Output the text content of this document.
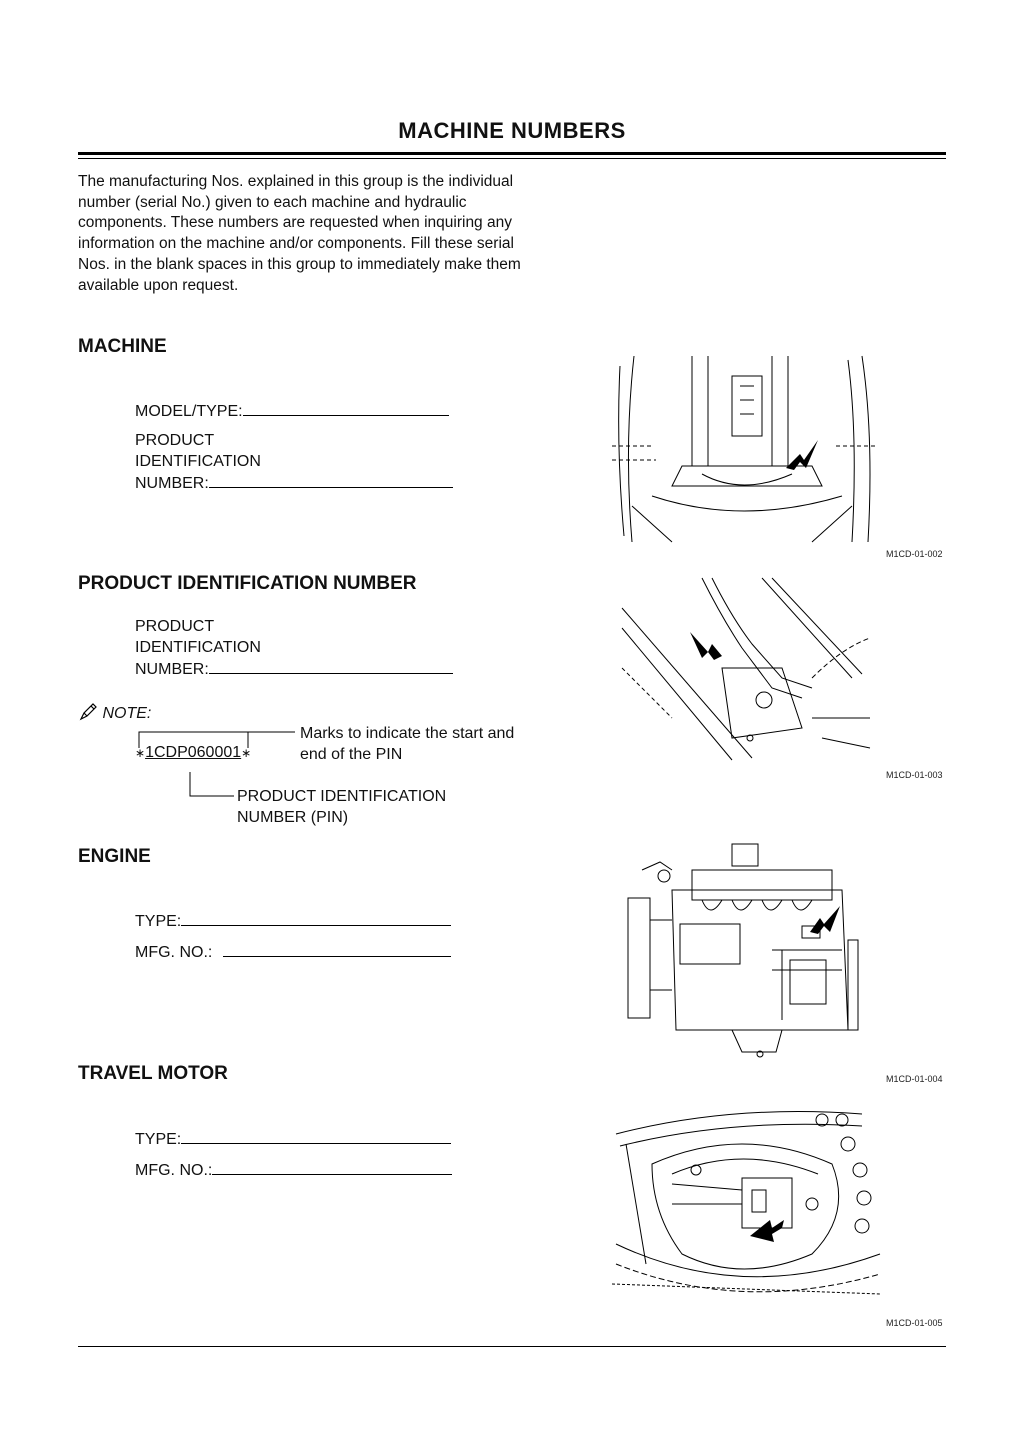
MACHINE NUMBERS
The manufacturing Nos. explained in this group is the individual number (serial No.) given to each machine and hydraulic components. These numbers are requested when inquiring any information on the machine and/or components. Fill these serial Nos. in the blank spaces in this group to immediately make them available upon request.
MACHINE
MODEL/TYPE:
PRODUCT
IDENTIFICATION
NUMBER:
M1CD-01-002
PRODUCT IDENTIFICATION NUMBER
PRODUCT
IDENTIFICATION
NUMBER:
NOTE:
∗1CDP060001∗
Marks to indicate the start and
end of the PIN
PRODUCT IDENTIFICATION
NUMBER (PIN)
M1CD-01-003
ENGINE
TYPE:
MFG. NO.:
M1CD-01-004
TRAVEL MOTOR
TYPE:
MFG. NO.:
M1CD-01-005
